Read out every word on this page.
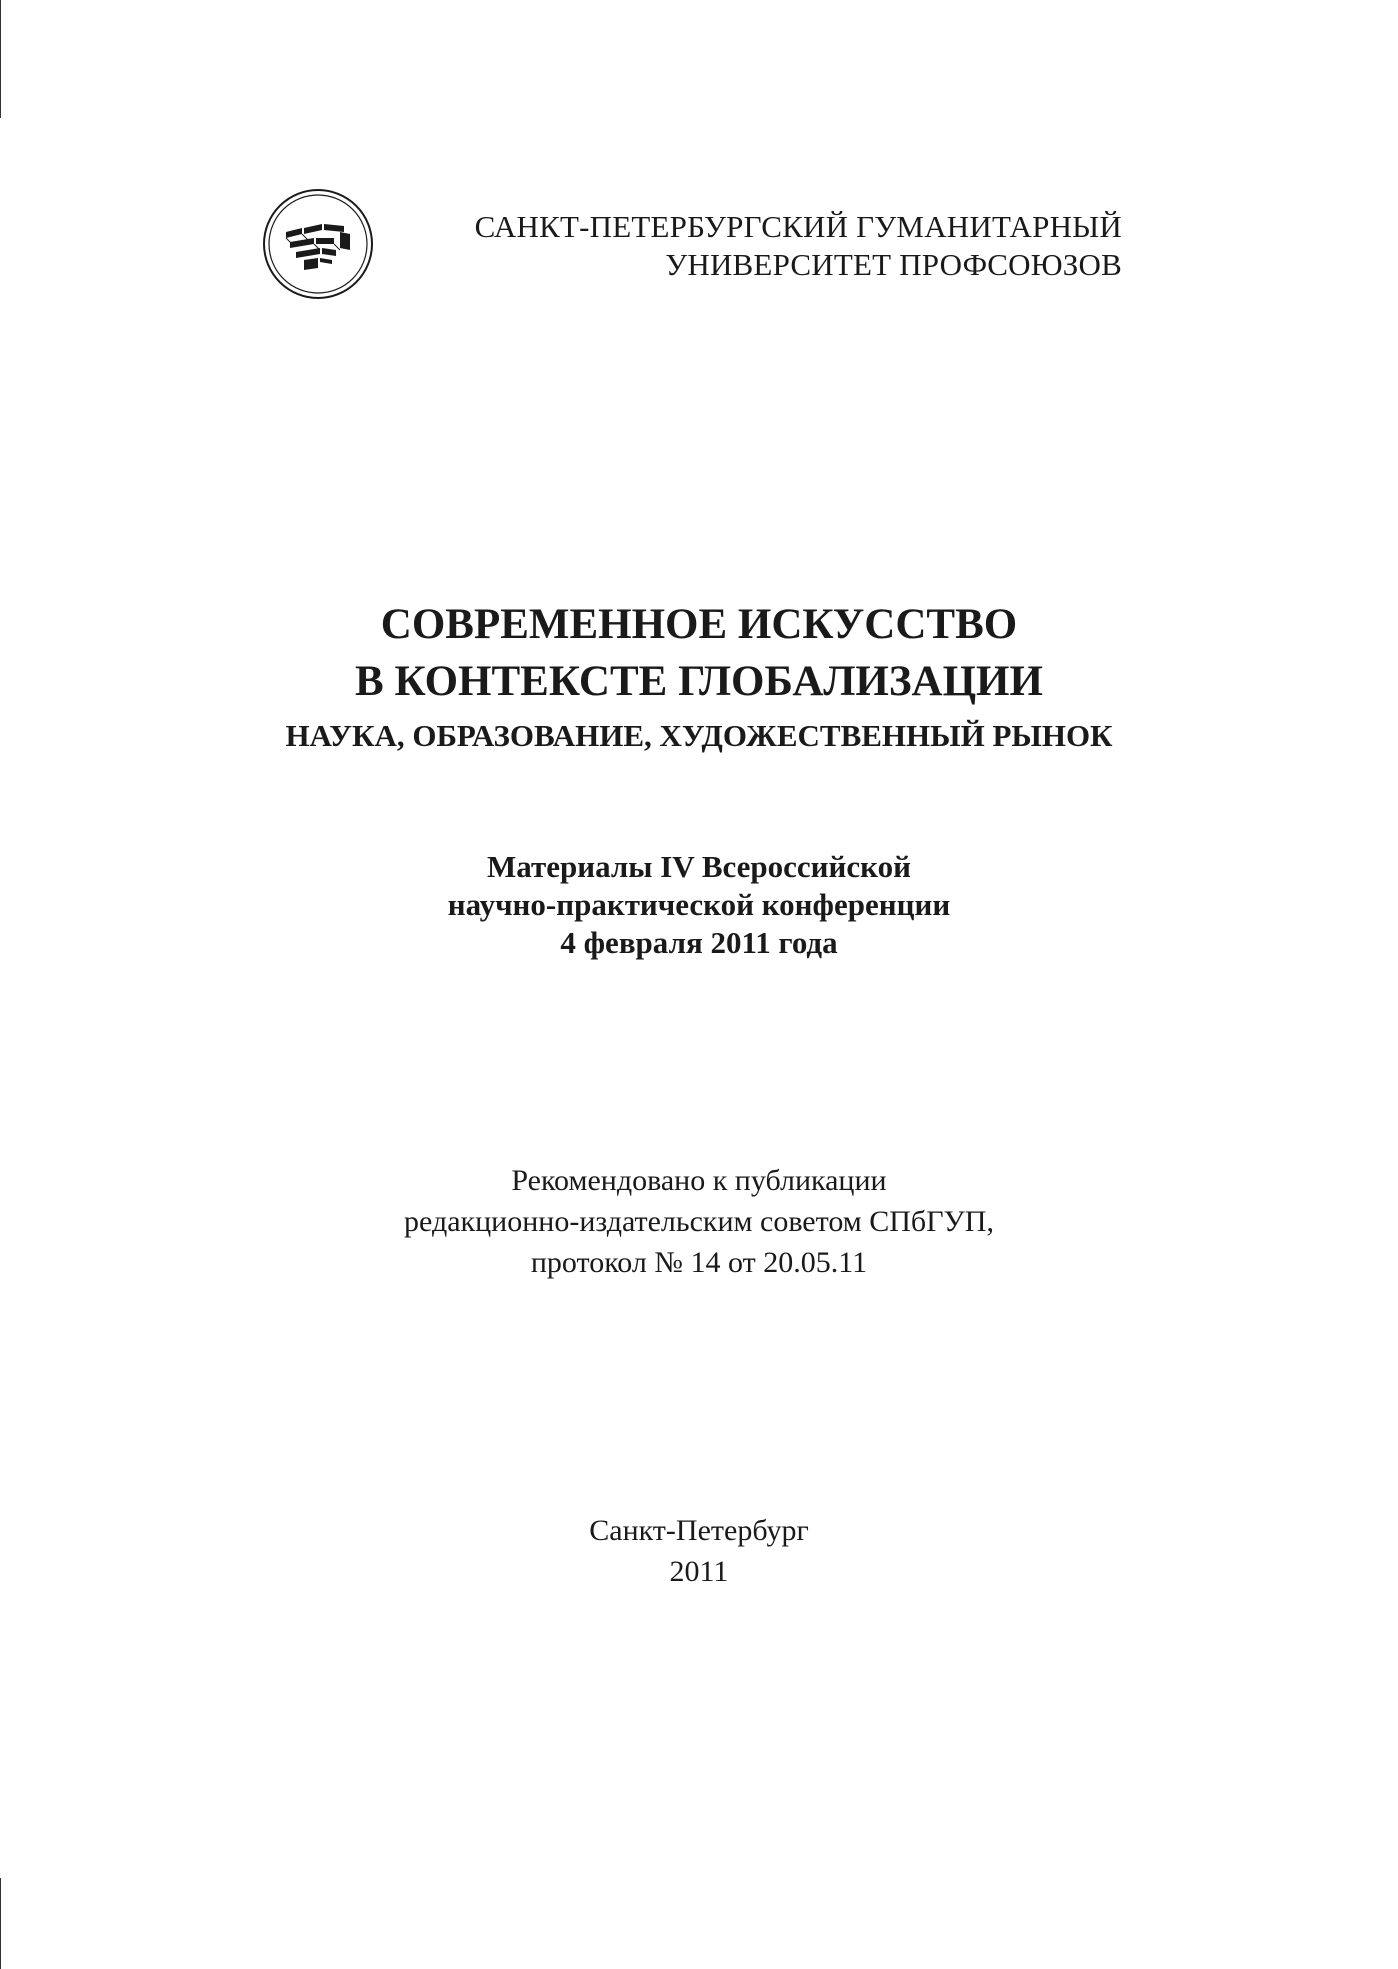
САНКТ-ПЕТЕРБУРГСКИЙ ГУМАНИТАРНЫЙ
УНИВЕРСИТЕТ ПРОФСОЮЗОВ
СОВРЕМЕННОЕ ИСКУССТВО
В КОНТЕКСТЕ ГЛОБАЛИЗАЦИИ
НАУКА, ОБРАЗОВАНИЕ, ХУДОЖЕСТВЕННЫЙ РЫНОК
Материалы IV Всероссийской
научно-практической конференции
4 февраля 2011 года
Рекомендовано к публикации
редакционно-издательским советом СПбГУП,
протокол № 14 от 20.05.11
Санкт-Петербург
2011
